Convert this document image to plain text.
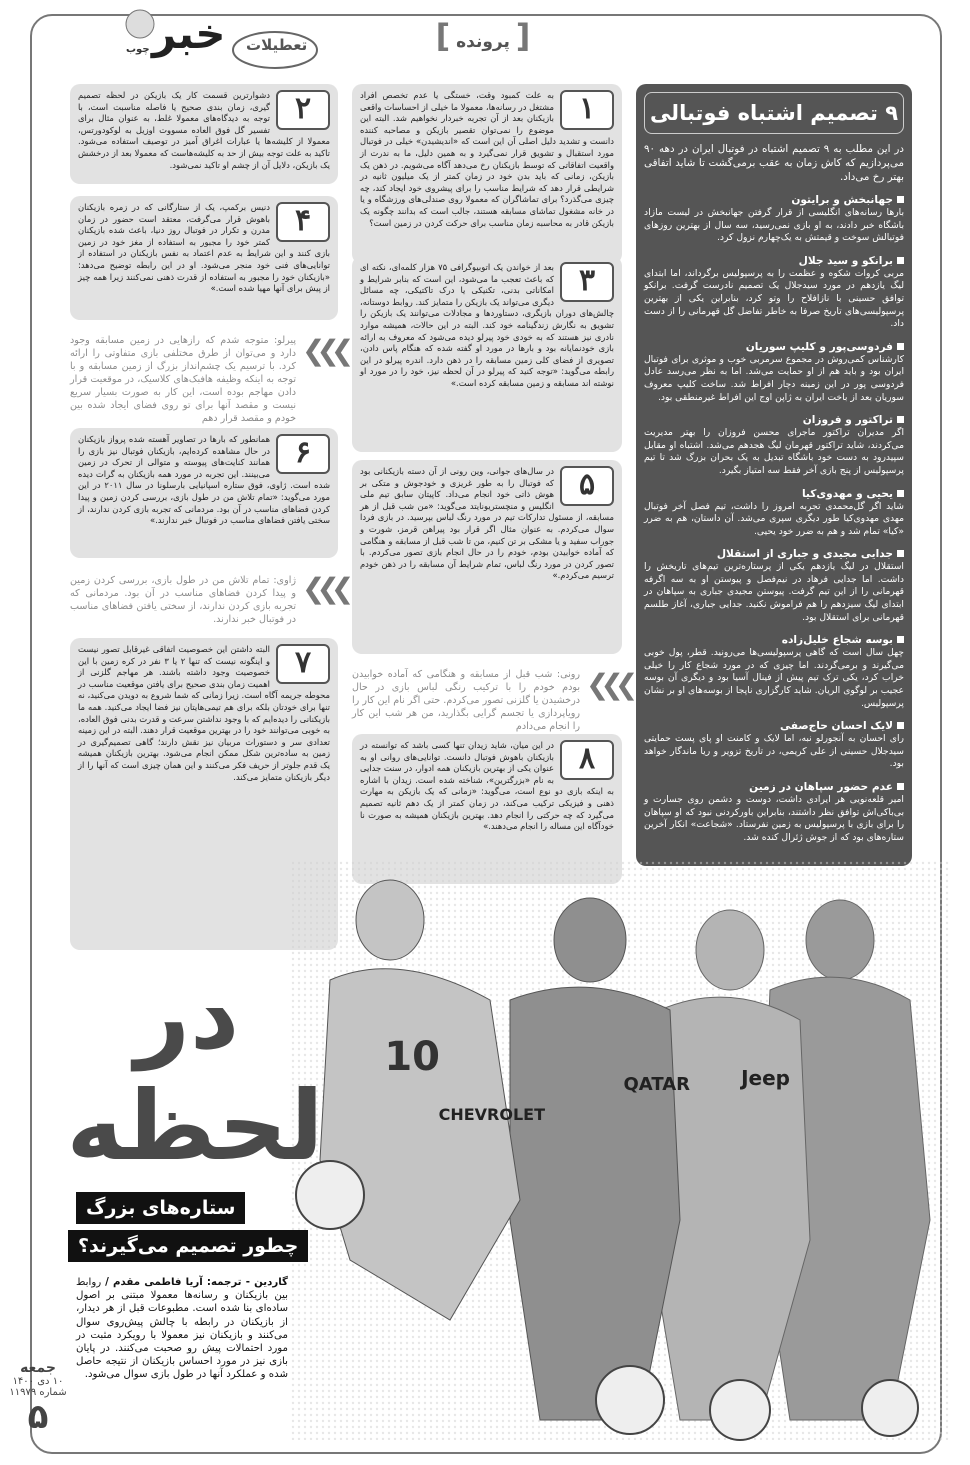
تعطیلات
خبر
چوب	[ پرونده ]
۹ تصمیم اشتباه فوتبالی

در این مطلب به ۹ تصمیم اشتباه در فوتبال ایران در دهه ۹۰ می‌پردازیم که کاش زمان به عقب برمی‌گشت تا شاید اتفاقی بهتر رخ می‌داد.

جهانبخش و برایتون

بارها رسانه‌های انگلیسی از قرار گرفتن جهانبخش در لیست مازاد باشگاه خبر دادند، به او بازی نمی‌رسید، سه سال از بهترین روزهای فوتبالش سوخت و قیمتش به یک‌چهارم نزول کرد.

برانکو و سید جلال

مربی کروات شکوه و عظمت را به پرسپولیس برگرداند، اما ابتدای لیگ یازدهم در مورد سیدجلال یک تصمیم نادرست گرفت. برانکو توافق حسینی با نازافلاح را وتو کرد، بنابراین یکی از بهترین پرسپولیسی‌های تاریخ صرفا به خاطر تفاضل گل قهرمانی را از دست داد.

فردوسی‌پور و کلیپ سوریان

کارشناس کمی‌روش در مجموع سرمربی خوب و موثری برای فوتبال ایران بود و باید هم از او حمایت می‌شد. اما به نظر می‌رسد عادل فردوسی پور در این زمینه دچار افراط شد. ساخت کلیپ معروف سوریان بعد از باخت ایران به ژاپن اوج این افراط غیرمنطقی بود.

تراکتور و فروزان

اگر مدیران تراکتور ماجرای محسن فروزان را بهتر مدیریت می‌کردند، شاید تراکتور قهرمان لیگ هجدهم می‌شد. اشتباه او مقابل سپیدرود به دست خود باشگاه تبدیل به یک بحران بزرگ شد تا تیم پرسپولیس از پنج بازی آخر فقط سه امتیاز بگیرد.

یحیی و مهدوی‌کیا

شاید اگر گل‌محمدی تجربه امروز را داشت، تیم فصل آخر فوتبال مهدی مهدوی‌کیا طور دیگری سپری می‌شد. آن داستان، هم به ضرر «کیا» تمام شد و هم به ضرر خود یحیی.

جدایی مجیدی و جباری از استقلال

استقلال در لیگ یازدهم یکی از پرستاره‌ترین تیم‌های تاریخش را داشت. اما جدایی فرهاد در نیم‌فصل و پیوستن او به سه اگرفه قهرمانی را از این تیم گرفت. پیوستن مجیدی جباری به سپاهان در ابتدای لیگ سیزدهم را هم فراموش نکنید. جدایی جباری، آغاز طلسم قهرمانی برای استقلال بود.

بوسه شجاع خلیل‌زاده

چهل سال است که گاهی پرسپولیسی‌ها می‌رونید. قطر، پول خوبی می‌گیرند و برمی‌گردند. اما چیزی که در مورد شجاع کار را خیلی خراب کرد، یکی ترک تیم پیش از فینال آسیا بود و دیگری آن بوسه عجیب بر لوگوی الریان. شاید کارگزاری ناپجا از بوسه‌های او بر نشان پرسپولیس.

لایک احسان حاج‌صفی

رای احسان به آنجورلو نبه، اما لایک و کامنت او پای پست حمایتی سیدجلال حسینی از علی کریمی، در تاریخ تزویر و ریا ماندگار خواهد بود.

عدم حضور سپاهان در زمین

امیر قلعه‌نویی هر ایرادی داشت، دوست و دشمن روی جسارت و بی‌باکی‌اش توافق نظر داشتند، بنابراین باورکردنی نبود که او سپاهان را برای بازی با پرسپولیس به زمین نفرستاد. «شجاعت» انکار آخرین ستاره‌های بود که از جوش ژئرال کنده شد.

۱

به علت کمبود وقت، خستگی یا عدم تخصص افراد مشتغل در رسانه‌ها، معمولا ما خیلی از احساسات واقعی بازیکنان بعد از آن تجربه خبردار نخواهیم شد. البته این موضوع را نمی‌توان تقصیر بازیکن و مصاحبه کننده دانست و تشدید دلیل اصلی آن این است که «اندیشیدن» خیلی در فوتبال مورد استقبال و تشویق قرار نمی‌گیرد و به همین دلیل، ما به ندرت از واقعیت اتفاقاتی که توسط بازیکنان رخ می‌دهد آگاه می‌شویم. در ذهن یک بازیکن، زمانی که باید بدن خود در زمان کمتر از یک میلیون ثانیه در شرایطی قرار دهد که شرایط مناسب را برای پیشروی خود ایجاد کند، چه چیزی می‌گذرد؟ برای تماشاگران که معمولا روی صندلی‌های ورزشگاه و یا در خانه مشغول تماشای مسابقه هستند، جالب است که بدانند چگونه یک بازیکن قادر به محاسبه زمان مناسب برای حرکت کردن در زمین است؟

۳

بعد از خواندن یک اتوبیوگرافی ۷۵ هزار کلمه‌ای، نکته ای که باعث تعجب ما می‌شود، این است که بنابر شرایط و امکاناتی بدنی، تکنیکی یا درک تاکتیکی، چه مسائل دیگری می‌تواند یک بازیکن را متمایز کند. روابط دوستانه، چالش‌های دوران بازیگری، دستاوردها و مجادلات می‌توانند یک بازیکن را تشویق به نگارش زندگینامه خود کند. البته در این حالات، همیشه موارد نادری نیز هستند که به خودی خود پیرلو دیده می‌شود که معروف به ارائه بازی خودنمایانه بود و بارها در مورد او گفته شده که هنگام پاس دادن، تصویری از فضای کلی زمین مسابقه را در ذهن دارد. اندره پیرلو در این رابطه می‌گوید: «توجه کنید که پیرلو در آن لحظه نیز، خود را در مورد او نوشته اند مسابقه و زمین مسابقه کرده است.»

۵

در سال‌های جوانی، وین رونی از آن دسته بازیکنانی بود که فوتبال را به طور غریزی و خودجوش و متکی بر هوش ذاتی خود انجام می‌داد. کاپیتان سابق تیم ملی انگلیس و منچستریونایتد می‌گوید: «من شب قبل از هر مسابقه، از مسئول تدارکات تیم در مورد رنگ لباس بپرسید. در بازی فردا سوال می‌کردم. به عنوان مثال اگر قرار بود پیراهن قرمز، شورت و جوراب سفید و یا مشکی بر تن کنیم، من تا شب قبل از مسابقه و هنگامی که آماده خوابیدن بودم، خودم را در حال انجام بازی تصور می‌کردم. با تصور کردن در مورد رنگ لباس، تمام شرایط آن مسابقه را در ذهن خودم ترسیم می‌کردم.»

۸

در این میان، شاید زیدان تنها کسی باشد که توانسته در بازیکنان باهوش فوتبال دانست. توانایی‌های روانی او به عنوان یکی از بهترین بازیکنان همه ادوار، در سنت جدایی به نام «بزرگترین»، شناخته شده است. زیدان با اشاره به اینکه بازی دو نوع است، می‌گوید: «زمانی که یک بازیکن به مهارت ذهنی و فیزیکی ترکیب می‌کند، در زمان کمتر از یک دهم ثانیه تصمیم می‌گیرد که چه حرکتی را انجام دهد. بهترین بازیکنان همیشه به صورت نا خودآگاه این مساله را انجام می‌دهند.»

۲

دشوارترین قسمت کار یک بازیکن در لحظه تصمیم گیری، زمان بندی صحیح یا فاصله مناسبت است، با توجه به دیدگاه‌های معمولا غلط، به عنوان مثال برای تفسیر گل فوق العاده مسووت اوزیل به لوکودورتس، معمولا از کلیشه‌ها یا عبارات اغراق آمیز در توصیف استفاده می‌شود. تاکید به علت توجه بیش از حد به کلیشه‌هاست که معمولا بعد از درخشش یک بازیکن، دلایل آن از چشم او تاکید نمی‌شود.

۴

دنیس برکمپ، یک از ستارگانی که در زمره بازیکنان باهوش قرار می‌گرفت، معتقد است حضور در زمان مدرن و تکرار در فوتبال روز دنیا، باعث شده بازیکنان کمتر خود را مجبور به استفاده از مغز خود در زمین بازی کنند و این شرایط به عدم اعتماد به نفس بازیکنان در استفاده از توانایی‌های فنی خود منجر می‌شود. او در این رابطه توضیح می‌دهد: «بازیکنان خود را مجبور به استفاده از قدرت ذهنی نمی‌کنند زیرا همه چیز از پیش برای آنها مهیا شده است.»

۶

همانطور که بارها در تصاویر آهسته شده پرواز بازیکنان در حال مشاهده کرده‌ایم، بازیکنان فوتبال نیز بازی را همانند کنایت‌های پیوسته و متوالی از تحرک در زمین می‌بینند. این تجربه در مورد همه بازیکنان به گرات دیده شده است. ژاوی، فوق ستاره اسپانیایی بارسلونا در سال ۲۰۱۱ در این مورد می‌گوید: «تمام تلاش من در طول بازی، بررسی کردن زمین و پیدا کردن فضاهای مناسب در آن بود. مردمانی که تجربه بازی کردن ندارند، از سختی یافتن فضاهای مناسب در فوتبال خبر ندارند.»

۷

البته داشتن این خصوصیت اتفاقی غیرقابل تصور نیست و اینگونه نیست که تنها ۲ یا ۳ نفر در کره زمین با این خصوصیت وجود داشته باشند. هر مهاجم گلزنی از اهمیت زمان بندی صحیح برای یافتن موقعیت مناسب در محوطه جریمه آگاه است. زیرا زمانی که شما شروع به دویدن می‌کنید، نه تنها برای خودتان بلکه برای هم تیمی‌هایتان نیز فضا ایجاد می‌کنید. همه ما بازیکنانی را دیده‌ایم که با وجود نداشتن سرعت و قدرت بدنی فوق العاده، به خوبی می‌توانند خود را در بهترین موقعیت قرار دهند. البته در این زمینه تعدادی سر و دستورات مربیان نیز نقش دارند؛ گاهی تصمیم‌گیری در زمین به ساده‌ترین شکل ممکن انجام می‌شود. بهترین بازیکنان همیشه یک قدم جلوتر از حریف فکر می‌کنند و این همان چیزی است که آنها را از دیگر بازیکنان متمایز می‌کند.

❮❮❮
پیرلو: متوجه شدم که رازهایی در زمین مسابقه وجود دارد و می‌توان از طرق مختلفی بازی متفاوتی را ارائه کرد. با ترسیم یک چشم‌انداز بزرگ از زمین مسابقه و با توجه به اینکه وظیفه هافبک‌های کلاسیک، در موقعیت قرار دادن مهاجم بوده است، این کار به صورت بسیار سریع نیست و مقصد آنها برای تو روی فضای ایجاد شده بین خودم و مقصد قرار دهم
❮❮❮
ژاوی: تمام تلاش من در طول بازی، بررسی کردن زمین و پیدا کردن فضاهای مناسب در آن بود. مردمانی که تجربه بازی کردن ندارند، از سختی یافتن فضاهای مناسب در فوتبال خبر ندارند.
❮❮❮
رونی: شب قبل از مسابقه و هنگامی که آماده خوابیدن بودم خودم را با ترکیب رنگی لباس بازی در حال درخشیدن یا گلزنی تصور می‌کردم. حتی اگر نام این کار را رویاپردازی یا تجسم گرایی بگذارید، من هر شب این کار را انجام می‌دادم
10
CHEVROLET
QATAR	Jeep
در
لحظه
ستاره‌های بزرگ
چطور تصمیم می‌گیرند؟
گاردین - ترجمه: آریا فاطمی مقدم / روابط بین بازیکنان و رسانه‌ها معمولا مبتنی بر اصول ساده‌ای بنا شده است. مطبوعات قبل از هر دیدار، از بازیکنان در رابطه با چالش پیش‌روی سوال می‌کنند و بازیکنان نیز معمولا با رویکرد مثبت در مورد احتمالات پیش رو صحبت می‌کنند. در پایان بازی نیز در مورد احساس بازیکنان از نتیجه حاصل شده و عملکرد آنها در طول بازی سوال می‌شود.
جمعه
۱۰ دی ۱۴۰۰
شماره ۱۱۹۷۹
۵
